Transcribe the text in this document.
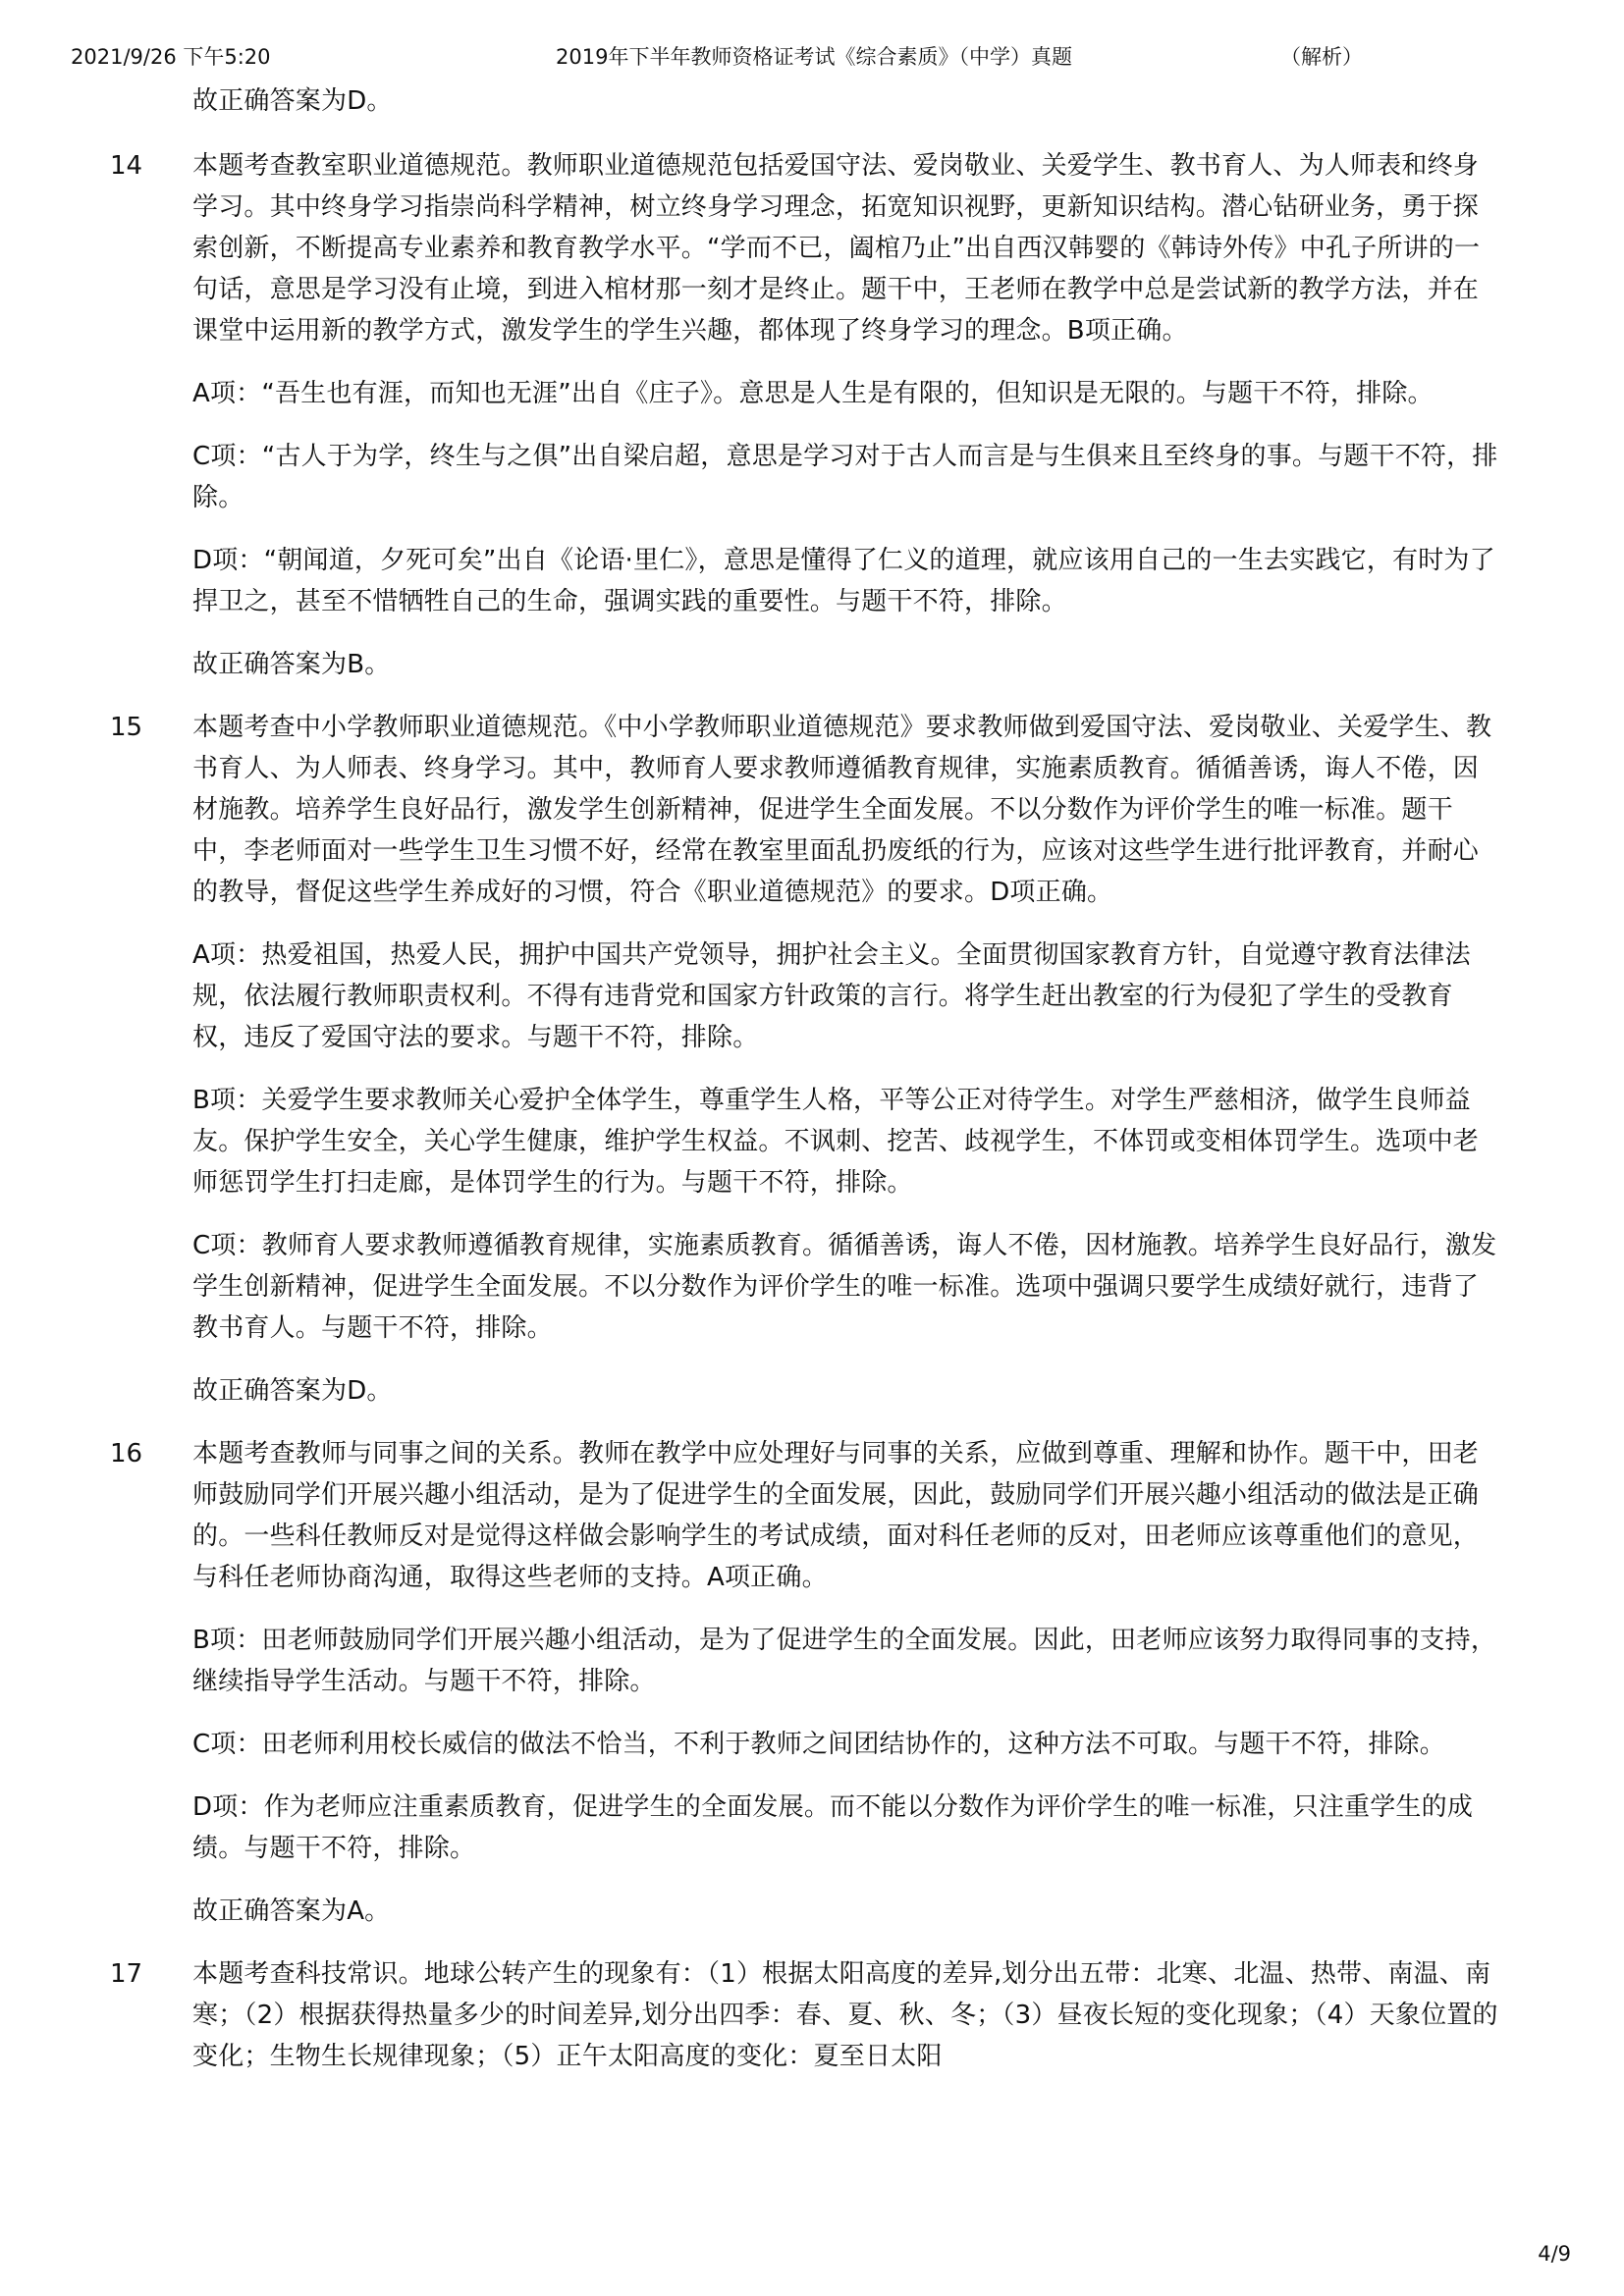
2021/9/26 下午5:20	2019年下半年教师资格证考试《综合素质》（中学）真题	（解析）

故正确答案为D。

14 本题考查教室职业道德规范。教师职业道德规范包括爱国守法、爱岗敬业、关爱学生、教书育人、为人师表和终身学习。其中终身学习指崇尚科学精神，树立终身学习理念，拓宽知识视野，更新知识结构。潜心钻研业务，勇于探索创新，不断提高专业素养和教育教学水平。“学而不已，阖棺乃止”出自西汉韩婴的《韩诗外传》中孔子所讲的一句话，意思是学习没有止境，到进入棺材那一刻才是终止。题干中，王老师在教学中总是尝试新的教学方法，并在课堂中运用新的教学方式，激发学生的学生兴趣，都体现了终身学习的理念。B项正确。

A项：“吾生也有涯，而知也无涯”出自《庄子》。意思是人生是有限的，但知识是无限的。与题干不符，排除。

C项：“古人于为学，终生与之俱”出自梁启超，意思是学习对于古人而言是与生俱来且至终身的事。与题干不符，排除。

D项：“朝闻道，夕死可矣”出自《论语·里仁》，意思是懂得了仁义的道理，就应该用自己的一生去实践它，有时为了捍卫之，甚至不惜牺牲自己的生命，强调实践的重要性。与题干不符，排除。

故正确答案为B。

15 本题考查中小学教师职业道德规范。《中小学教师职业道德规范》要求教师做到爱国守法、爱岗敬业、关爱学生、教书育人、为人师表、终身学习。其中，教师育人要求教师遵循教育规律，实施素质教育。循循善诱，诲人不倦，因材施教。培养学生良好品行，激发学生创新精神，促进学生全面发展。不以分数作为评价学生的唯一标准。题干中，李老师面对一些学生卫生习惯不好，经常在教室里面乱扔废纸的行为，应该对这些学生进行批评教育，并耐心的教导，督促这些学生养成好的习惯，符合《职业道德规范》的要求。D项正确。

A项：热爱祖国，热爱人民，拥护中国共产党领导，拥护社会主义。全面贯彻国家教育方针，自觉遵守教育法律法规，依法履行教师职责权利。不得有违背党和国家方针政策的言行。将学生赶出教室的行为侵犯了学生的受教育权，违反了爱国守法的要求。与题干不符，排除。

B项：关爱学生要求教师关心爱护全体学生，尊重学生人格，平等公正对待学生。对学生严慈相济，做学生良师益友。保护学生安全，关心学生健康，维护学生权益。不讽刺、挖苦、歧视学生，不体罚或变相体罚学生。选项中老师惩罚学生打扫走廊，是体罚学生的行为。与题干不符，排除。

C项：教师育人要求教师遵循教育规律，实施素质教育。循循善诱，诲人不倦，因材施教。培养学生良好品行，激发学生创新精神，促进学生全面发展。不以分数作为评价学生的唯一标准。选项中强调只要学生成绩好就行，违背了教书育人。与题干不符，排除。

故正确答案为D。

16 本题考查教师与同事之间的关系。教师在教学中应处理好与同事的关系，应做到尊重、理解和协作。题干中，田老师鼓励同学们开展兴趣小组活动，是为了促进学生的全面发展，因此，鼓励同学们开展兴趣小组活动的做法是正确的。一些科任教师反对是觉得这样做会影响学生的考试成绩，面对科任老师的反对，田老师应该尊重他们的意见，与科任老师协商沟通，取得这些老师的支持。A项正确。

B项：田老师鼓励同学们开展兴趣小组活动，是为了促进学生的全面发展。因此，田老师应该努力取得同事的支持，继续指导学生活动。与题干不符，排除。

C项：田老师利用校长威信的做法不恰当，不利于教师之间团结协作的，这种方法不可取。与题干不符，排除。

D项：作为老师应注重素质教育，促进学生的全面发展。而不能以分数作为评价学生的唯一标准，只注重学生的成绩。与题干不符，排除。

故正确答案为A。

17 本题考查科技常识。地球公转产生的现象有：（1）根据太阳高度的差异,划分出五带：北寒、北温、热带、南温、南寒；（2）根据获得热量多少的时间差异,划分出四季：春、夏、秋、冬；（3）昼夜长短的变化现象；（4）天象位置的变化；生物生长规律现象；（5）正午太阳高度的变化：夏至日太阳

4/9
